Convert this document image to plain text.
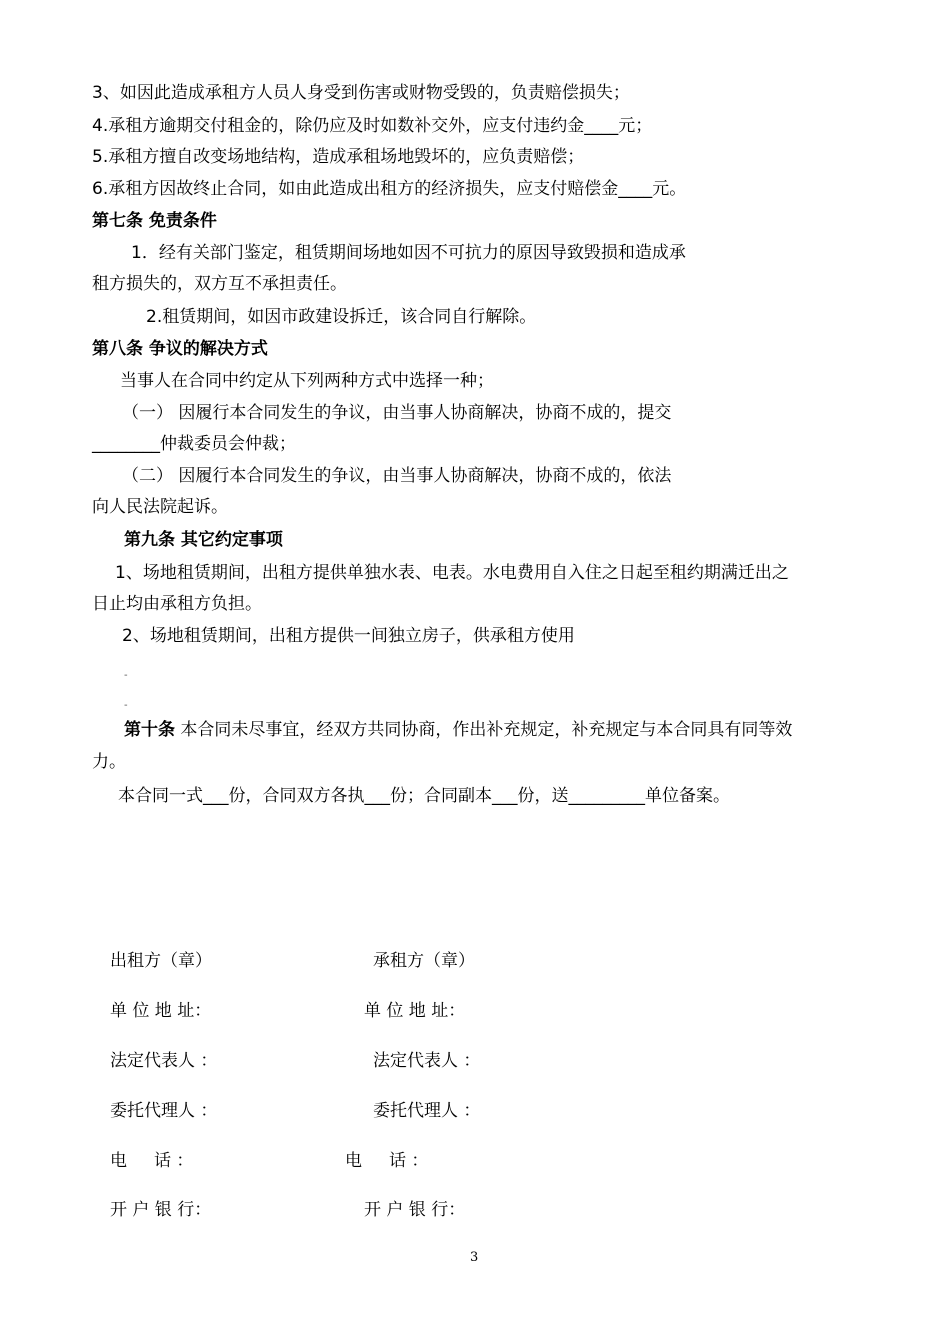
3、如因此造成承租方人员人身受到伤害或财物受毁的，负责赔偿损失；
4.承租方逾期交付租金的，除仍应及时如数补交外，应支付违约金____元；
5.承租方擅自改变场地结构，造成承租场地毁坏的，应负责赔偿；
6.承租方因故终止合同，如由此造成出租方的经济损失，应支付赔偿金____元。
第七条 免责条件
1．经有关部门鉴定，租赁期间场地如因不可抗力的原因导致毁损和造成承
租方损失的，双方互不承担责任。
2.租赁期间，如因市政建设拆迁，该合同自行解除。
第八条 争议的解决方式
当事人在合同中约定从下列两种方式中选择一种；
（一） 因履行本合同发生的争议，由当事人协商解决，协商不成的，提交
________仲裁委员会仲裁；
（二） 因履行本合同发生的争议，由当事人协商解决，协商不成的，依法
向人民法院起诉。
第九条 其它约定事项
1、场地租赁期间，出租方提供单独水表、电表。水电费用自入住之日起至租约期满迁出之
日止均由承租方负担。
2、场地租赁期间，出租方提供一间独立房子，供承租方使用
-
-
第十条 本合同未尽事宜，经双方共同协商，作出补充规定，补充规定与本合同具有同等效
力。
本合同一式___份，合同双方各执___份；合同副本___份，送_________单位备案。
出租方（章）	承租方（章）
单 位 地 址：	单 位 地 址：
法定代表人 ：	法定代表人 ：
委托代理人 ：	委托代理人 ：
电     话 ：	电     话 ：
开 户 银 行：	开 户 银 行：
3
